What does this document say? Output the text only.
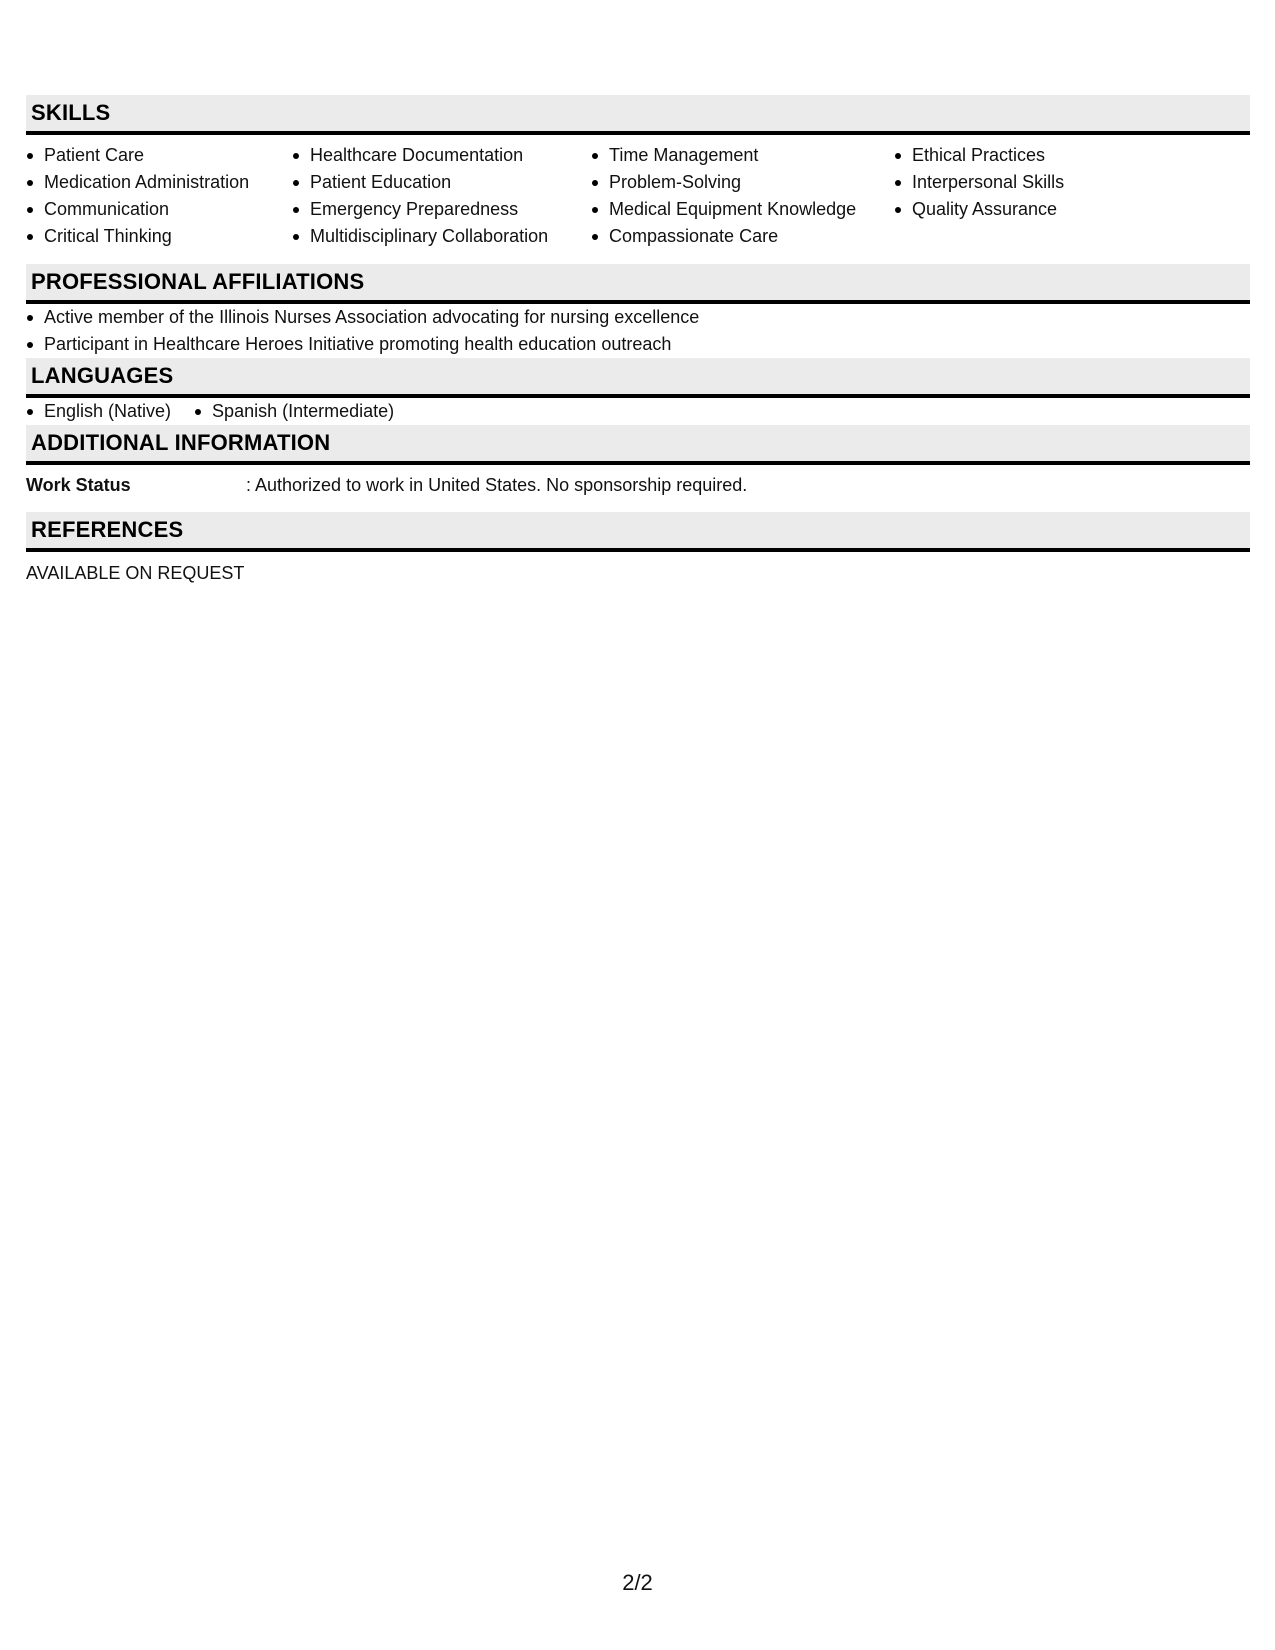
SKILLS
Patient Care
Medication Administration
Communication
Critical Thinking
Healthcare Documentation
Patient Education
Emergency Preparedness
Multidisciplinary Collaboration
Time Management
Problem-Solving
Medical Equipment Knowledge
Compassionate Care
Ethical Practices
Interpersonal Skills
Quality Assurance
PROFESSIONAL AFFILIATIONS
Active member of the Illinois Nurses Association advocating for nursing excellence
Participant in Healthcare Heroes Initiative promoting health education outreach
LANGUAGES
English (Native)	Spanish (Intermediate)
ADDITIONAL INFORMATION
Work Status	: Authorized to work in United States. No sponsorship required.
REFERENCES
AVAILABLE ON REQUEST
2/2
